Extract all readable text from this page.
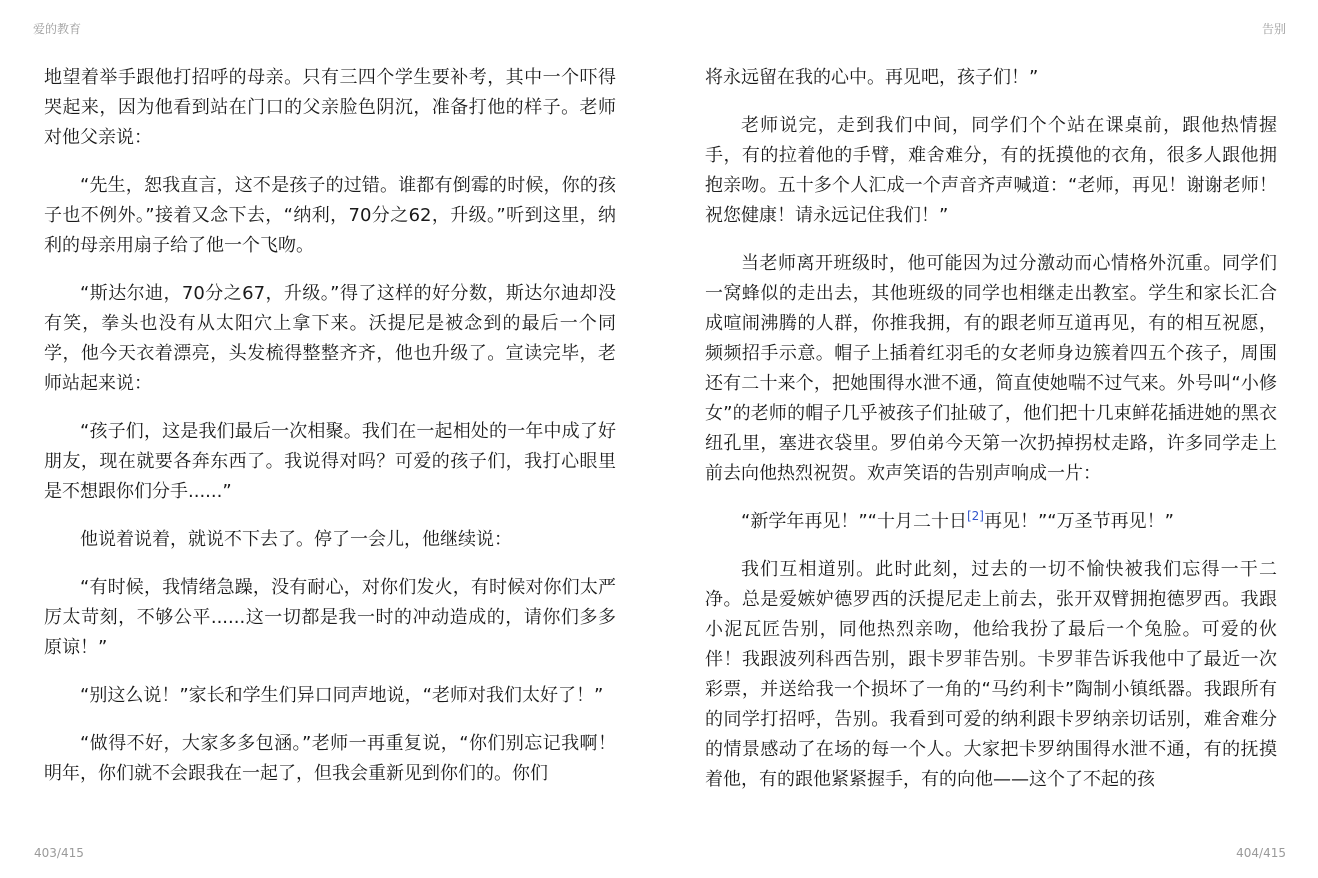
爱的教育	告别

地望着举手跟他打招呼的母亲。只有三四个学生要补考，其中一个吓得哭起来，因为他看到站在门口的父亲脸色阴沉，准备打他的样子。老师对他父亲说：

“先生，恕我直言，这不是孩子的过错。谁都有倒霉的时候，你的孩子也不例外。”接着又念下去，“纳利，70分之62，升级。”听到这里，纳利的母亲用扇子给了他一个飞吻。

“斯达尔迪，70分之67，升级。”得了这样的好分数，斯达尔迪却没有笑，拳头也没有从太阳穴上拿下来。沃提尼是被念到的最后一个同学，他今天衣着漂亮，头发梳得整整齐齐，他也升级了。宣读完毕，老师站起来说：

“孩子们，这是我们最后一次相聚。我们在一起相处的一年中成了好朋友，现在就要各奔东西了。我说得对吗？可爱的孩子们，我打心眼里是不想跟你们分手......”

他说着说着，就说不下去了。停了一会儿，他继续说：

“有时候，我情绪急躁，没有耐心，对你们发火，有时候对你们太严厉太苛刻，不够公平......这一切都是我一时的冲动造成的，请你们多多原谅！”

“别这么说！”家长和学生们异口同声地说，“老师对我们太好了！”

“做得不好，大家多多包涵。”老师一再重复说，“你们别忘记我啊！明年，你们就不会跟我在一起了，但我会重新见到你们的。你们

将永远留在我的心中。再见吧，孩子们！”

老师说完，走到我们中间，同学们个个站在课桌前，跟他热情握手，有的拉着他的手臂，难舍难分，有的抚摸他的衣角，很多人跟他拥抱亲吻。五十多个人汇成一个声音齐声喊道：“老师，再见！谢谢老师！祝您健康！请永远记住我们！”

当老师离开班级时，他可能因为过分激动而心情格外沉重。同学们一窝蜂似的走出去，其他班级的同学也相继走出教室。学生和家长汇合成喧闹沸腾的人群，你推我拥，有的跟老师互道再见，有的相互祝愿，频频招手示意。帽子上插着红羽毛的女老师身边簇着四五个孩子，周围还有二十来个，把她围得水泄不通，简直使她喘不过气来。外号叫“小修女”的老师的帽子几乎被孩子们扯破了，他们把十几束鲜花插进她的黑衣纽孔里，塞进衣袋里。罗伯弟今天第一次扔掉拐杖走路，许多同学走上前去向他热烈祝贺。欢声笑语的告别声响成一片：

“新学年再见！”“十月二十日[2]再见！”“万圣节再见！”

我们互相道别。此时此刻，过去的一切不愉快被我们忘得一干二净。总是爱嫉妒德罗西的沃提尼走上前去，张开双臂拥抱德罗西。我跟小泥瓦匠告别，同他热烈亲吻，他给我扮了最后一个兔脸。可爱的伙伴！我跟波列科西告别，跟卡罗菲告别。卡罗菲告诉我他中了最近一次彩票，并送给我一个损坏了一角的“马约利卡”陶制小镇纸器。我跟所有的同学打招呼，告别。我看到可爱的纳利跟卡罗纳亲切话别，难舍难分的情景感动了在场的每一个人。大家把卡罗纳围得水泄不通，有的抚摸着他，有的跟他紧紧握手，有的向他——这个了不起的孩

403/415	404/415
